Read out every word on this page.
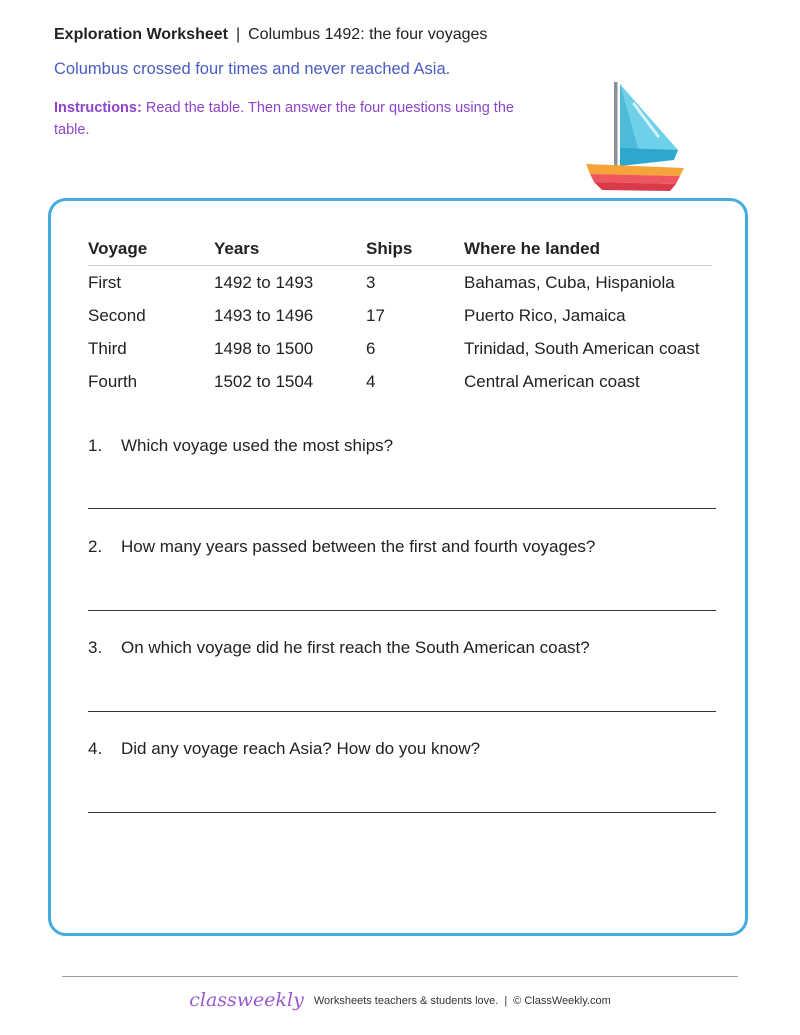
Exploration Worksheet | Columbus 1492: the four voyages
Columbus crossed four times and never reached Asia.
Instructions: Read the table. Then answer the four questions using the table.
Voyage	Years	Ships	Where he landed
First	1492 to 1493	3	Bahamas, Cuba, Hispaniola
Second	1493 to 1496	17	Puerto Rico, Jamaica
Third	1498 to 1500	6	Trinidad, South American coast
Fourth	1502 to 1504	4	Central American coast
1. Which voyage used the most ships?
2. How many years passed between the first and fourth voyages?
3. On which voyage did he first reach the South American coast?
4. Did any voyage reach Asia? How do you know?
classweekly Worksheets teachers & students love. | © ClassWeekly.com
